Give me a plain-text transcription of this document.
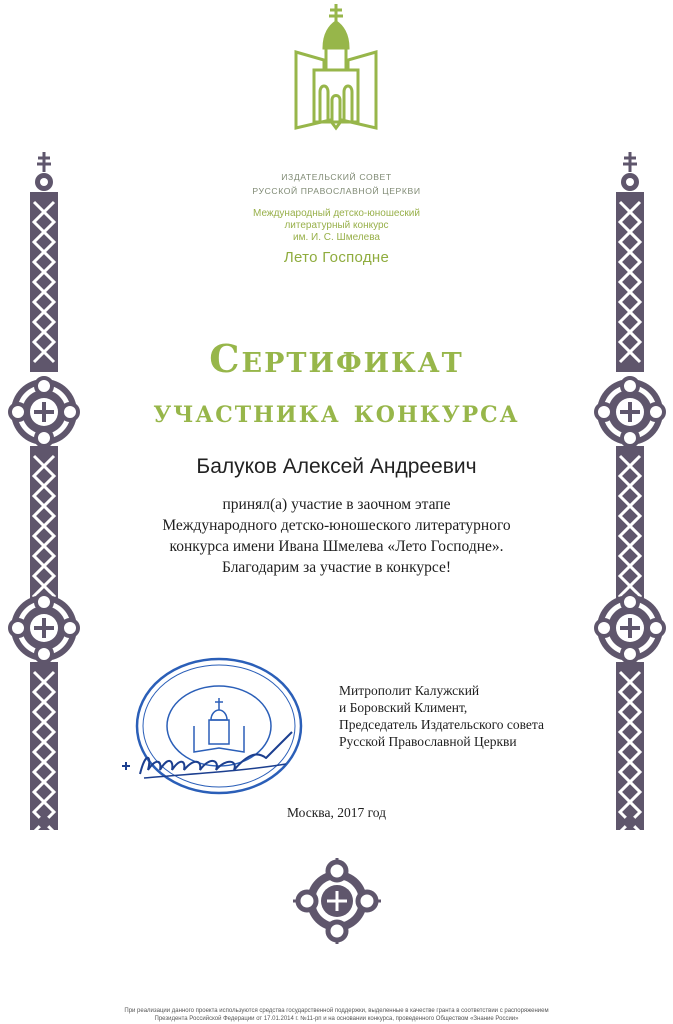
ИЗДАТЕЛЬСКИЙ СОВЕТ
РУССКОЙ ПРАВОСЛАВНОЙ ЦЕРКВИ
Международный детско-юношеский
литературный конкурс
им. И. С. Шмелева
Лето Господне
Сертификат
участника конкурса
Балуков Алексей Андреевич
принял(а) участие в заочном этапе
Международного детско-юношеского литературного
конкурса имени Ивана Шмелева «Лето Господне».
Благодарим за участие в конкурсе!
Митрополит Калужский
и Боровский Климент,
Председатель Издательского совета
Русской Православной Церкви
Москва, 2017 год
При реализации данного проекта используются средства государственной поддержки, выделенные в качестве гранта в соответствии с распоряжением
Президента Российской Федерации от 17.01.2014 г. №11-рп и на основании конкурса, проведенного Обществом «Знание России»
